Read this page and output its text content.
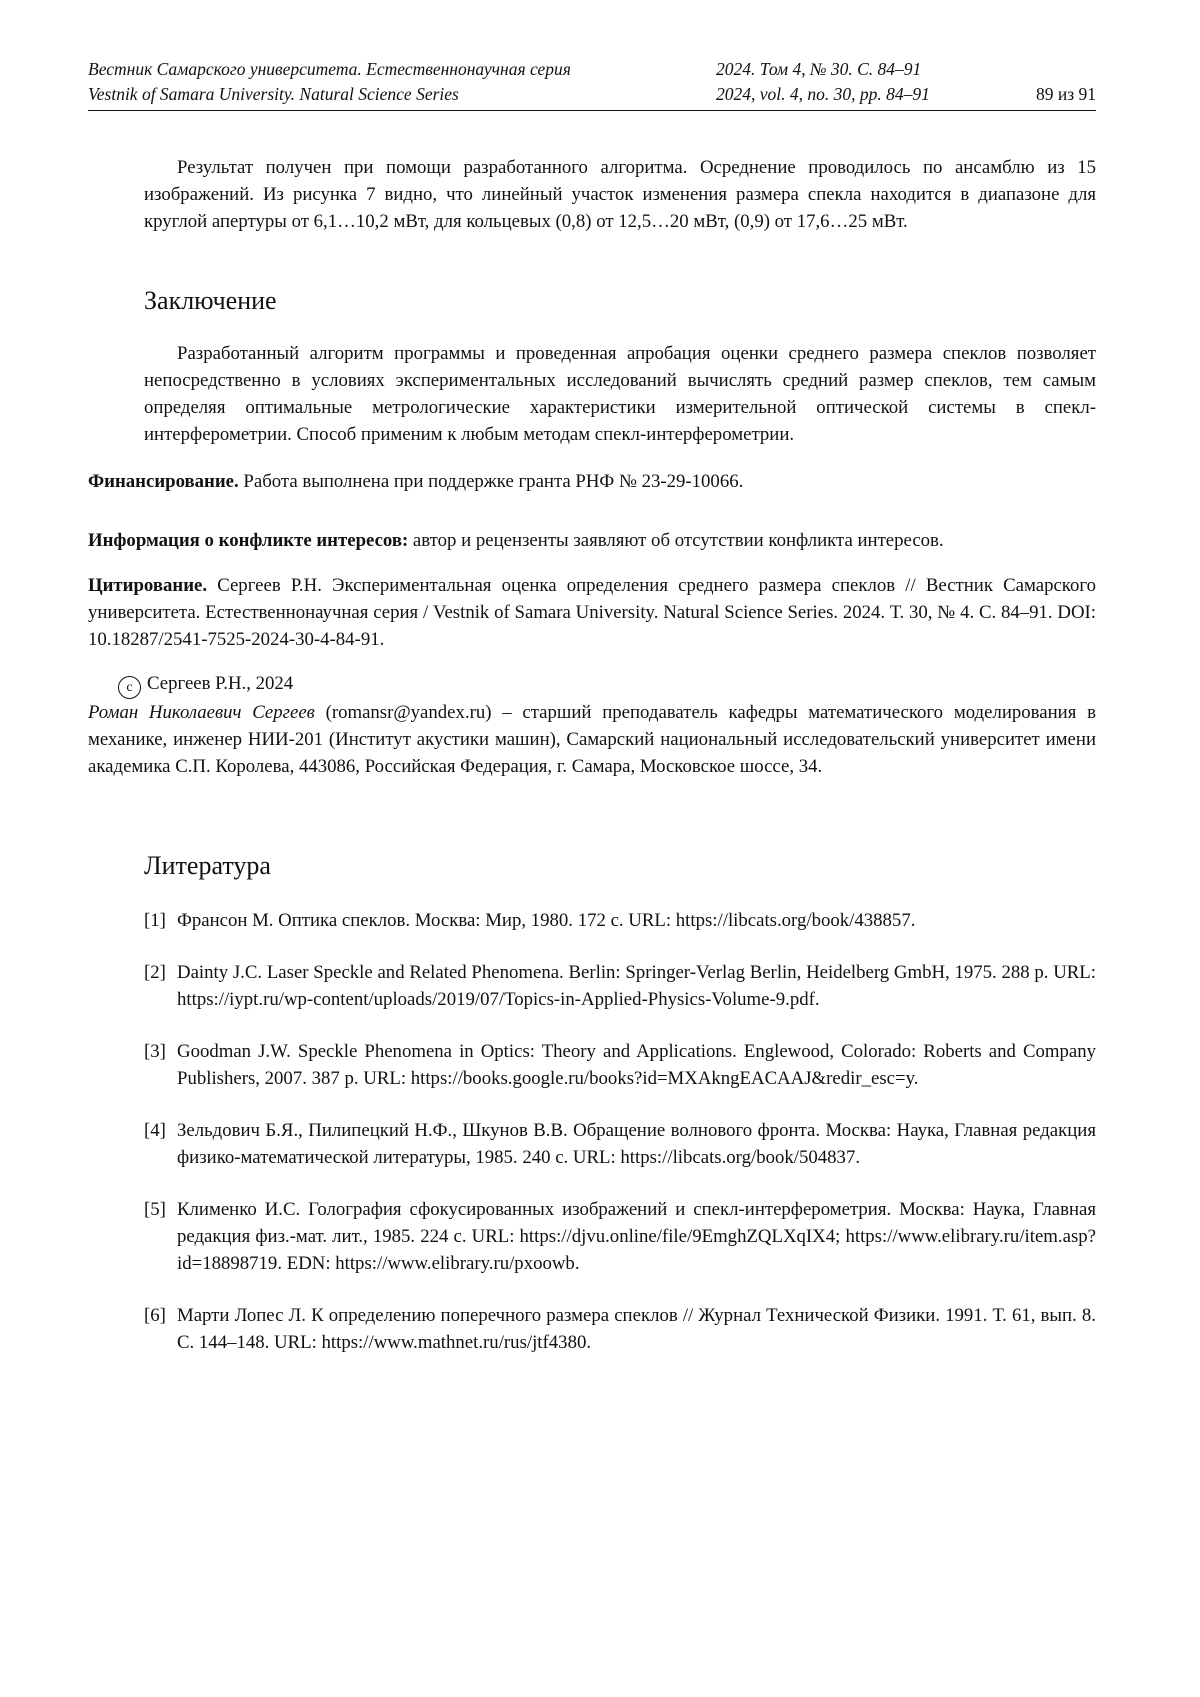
Вестник Самарского университета. Естественнонаучная серия	2024. Том 4, № 30. С. 84–91
Vestnik of Samara University. Natural Science Series	2024, vol. 4, no. 30, pp. 84–91	89 из 91

Результат получен при помощи разработанного алгоритма. Осреднение проводилось по ансамблю из 15 изображений. Из рисунка 7 видно, что линейный участок изменения размера спекла находится в диапазоне для круглой апертуры от 6,1…10,2 мВт, для кольцевых (0,8) от 12,5…20 мВт, (0,9) от 17,6…25 мВт.

Заключение

Разработанный алгоритм программы и проведенная апробация оценки среднего размера спеклов позволяет непосредственно в условиях экспериментальных исследований вычислять средний размер спеклов, тем самым определяя оптимальные метрологические характеристики измерительной оптической системы в спекл-интерферометрии. Способ применим к любым методам спекл-интерферометрии.

Финансирование. Работа выполнена при поддержке гранта РНФ № 23-29-10066.

Информация о конфликте интересов: автор и рецензенты заявляют об отсутствии конфликта интересов.

Цитирование. Сергеев Р.Н. Экспериментальная оценка определения среднего размера спеклов // Вестник Самарского университета. Естественнонаучная серия / Vestnik of Samara University. Natural Science Series. 2024. Т. 30, № 4. С. 84–91. DOI: 10.18287/2541-7525-2024-30-4-84-91.

c Сергеев Р.Н., 2024

Роман Николаевич Сергеев (romansr@yandex.ru) – старший преподаватель кафедры математического моделирования в механике, инженер НИИ-201 (Институт акустики машин), Самарский национальный исследовательский университет имени академика С.П. Королева, 443086, Российская Федерация, г. Самара, Московское шоссе, 34.

Литература
[1] Франсон М. Оптика спеклов. Москва: Мир, 1980. 172 с. URL: https://libcats.org/book/438857.
[2] Dainty J.C. Laser Speckle and Related Phenomena. Berlin: Springer-Verlag Berlin, Heidelberg GmbH, 1975. 288 p. URL: https://iypt.ru/wp-content/uploads/2019/07/Topics-in-Applied-Physics-Volume-9.pdf.
[3] Goodman J.W. Speckle Phenomena in Optics: Theory and Applications. Englewood, Colorado: Roberts and Company Publishers, 2007. 387 p. URL: https://books.google.ru/books?id=MXAkngEACAAJ&redir_esc=y.
[4] Зельдович Б.Я., Пилипецкий Н.Ф., Шкунов В.В. Обращение волнового фронта. Москва: Наука, Главная редакция физико-математической литературы, 1985. 240 с. URL: https://libcats.org/book/504837.
[5] Клименко И.С. Голография сфокусированных изображений и спекл-интерферометрия. Москва: Наука, Главная редакция физ.-мат. лит., 1985. 224 с. URL: https://djvu.online/file/9EmghZQLXqIX4; https://www.elibrary.ru/item.asp?id=18898719. EDN: https://www.elibrary.ru/pxoowb.
[6] Марти Лопес Л. К определению поперечного размера спеклов // Журнал Технической Физики. 1991. Т. 61, вып. 8. С. 144–148. URL: https://www.mathnet.ru/rus/jtf4380.
